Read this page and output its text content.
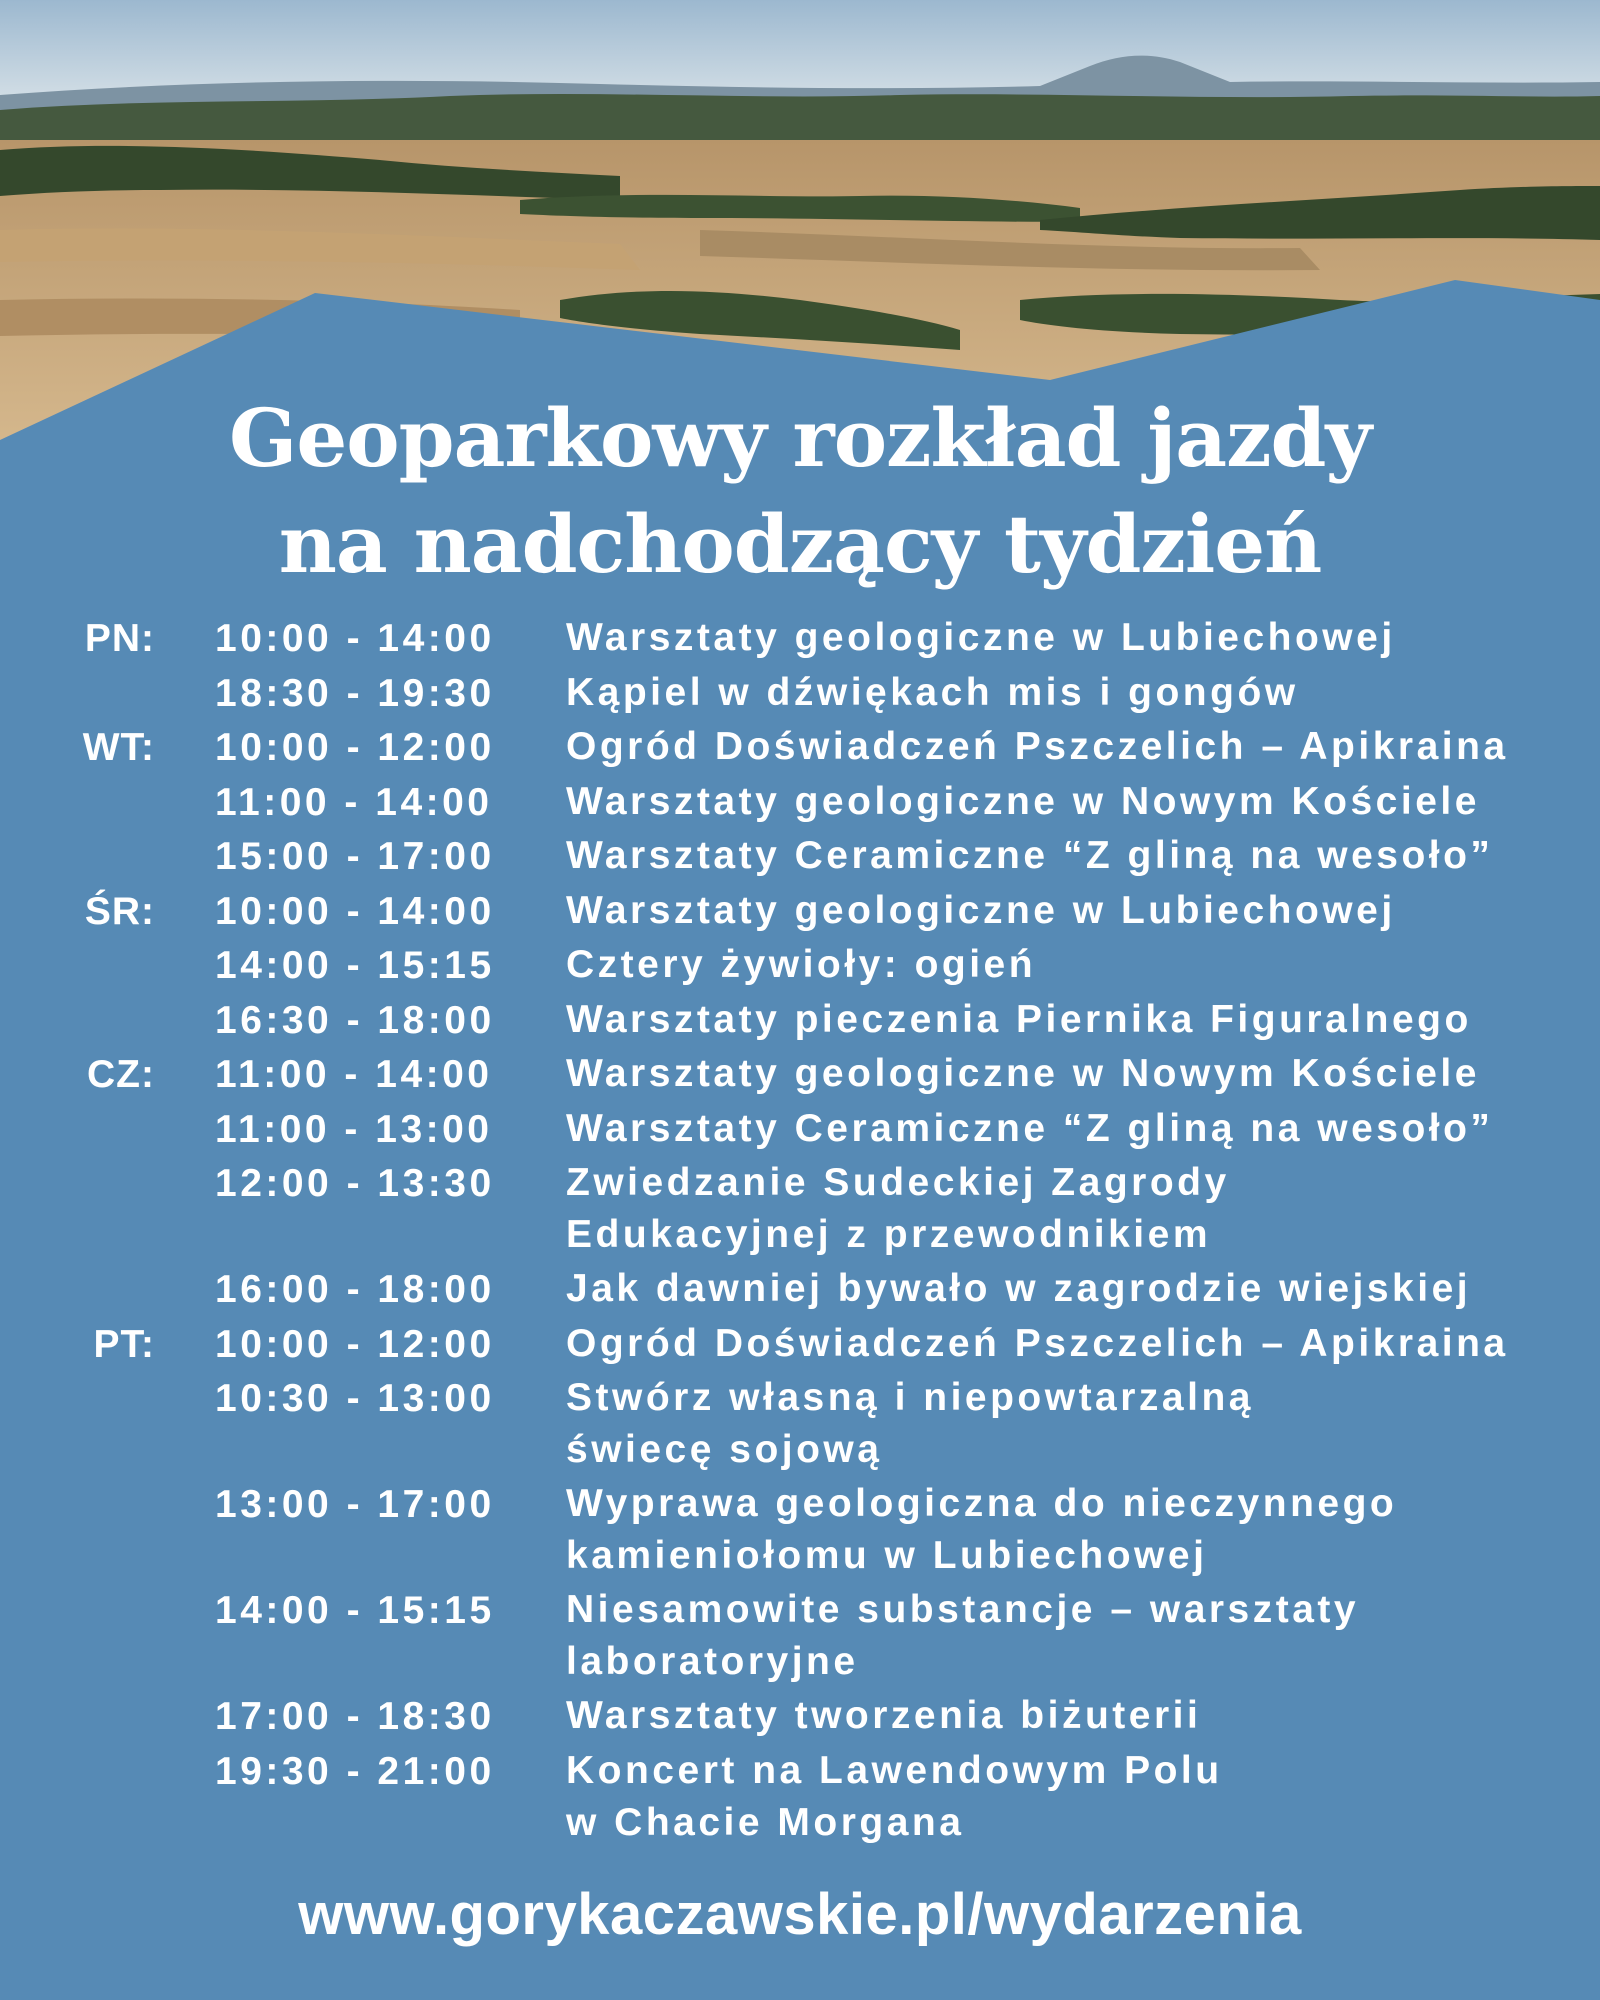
Geoparkowy rozkład jazdy
na nadchodzący tydzień
PN: 10:00 - 14:00 Warsztaty geologiczne w Lubiechowej
18:30 - 19:30 Kąpiel w dźwiękach mis i gongów
WT: 10:00 - 12:00 Ogród Doświadczeń Pszczelich – Apikraina
11:00 - 14:00 Warsztaty geologiczne w Nowym Kościele
15:00 - 17:00 Warsztaty Ceramiczne “Z gliną na wesoło”
ŚR: 10:00 - 14:00 Warsztaty geologiczne w Lubiechowej
14:00 - 15:15 Cztery żywioły: ogień
16:30 - 18:00 Warsztaty pieczenia Piernika Figuralnego
CZ: 11:00 - 14:00 Warsztaty geologiczne w Nowym Kościele
11:00 - 13:00 Warsztaty Ceramiczne “Z gliną na wesoło”
12:00 - 13:30 Zwiedzanie Sudeckiej Zagrody
Edukacyjnej z przewodnikiem
16:00 - 18:00 Jak dawniej bywało w zagrodzie wiejskiej
PT: 10:00 - 12:00 Ogród Doświadczeń Pszczelich – Apikraina
10:30 - 13:00 Stwórz własną i niepowtarzalną
świecę sojową
13:00 - 17:00 Wyprawa geologiczna do nieczynnego
kamieniołomu w Lubiechowej
14:00 - 15:15 Niesamowite substancje – warsztaty
laboratoryjne
17:00 - 18:30 Warsztaty tworzenia biżuterii
19:30 - 21:00 Koncert na Lawendowym Polu
w Chacie Morgana
www.gorykaczawskie.pl/wydarzenia
